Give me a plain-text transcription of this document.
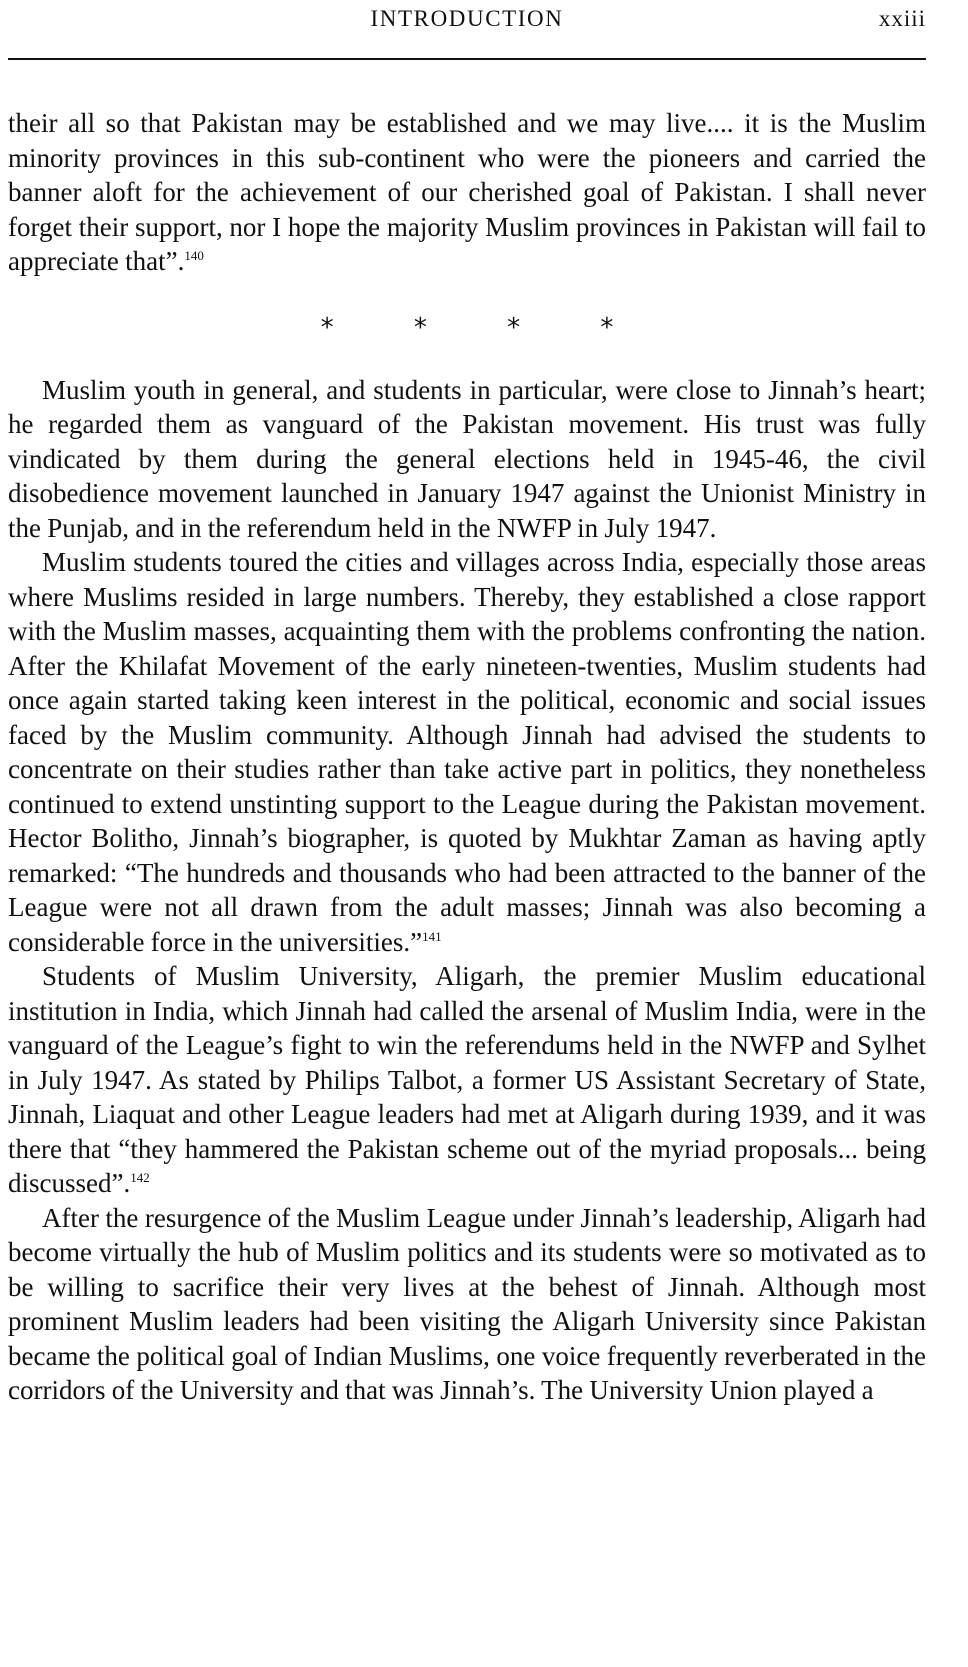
INTRODUCTION	xxiii

their all so that Pakistan may be established and we may live.... it is the Muslim minority provinces in this sub-continent who were the pioneers and carried the banner aloft for the achievement of our cherished goal of Pakistan. I shall never forget their support, nor I hope the majority Muslim provinces in Pakistan will fail to appreciate that”.$^{140}$

* * * *

Muslim youth in general, and students in particular, were close to Jinnah’s heart; he regarded them as vanguard of the Pakistan movement. His trust was fully vindicated by them during the general elections held in 1945-46, the civil disobedience movement launched in January 1947 against the Unionist Ministry in the Punjab, and in the referendum held in the NWFP in July 1947.

Muslim students toured the cities and villages across India, especially those areas where Muslims resided in large numbers. Thereby, they established a close rapport with the Muslim masses, acquainting them with the problems confronting the nation. After the Khilafat Movement of the early nineteen-twenties, Muslim students had once again started taking keen interest in the political, economic and social issues faced by the Muslim community. Although Jinnah had advised the students to concentrate on their studies rather than take active part in politics, they nonetheless continued to extend unstinting support to the League during the Pakistan movement. Hector Bolitho, Jinnah’s biographer, is quoted by Mukhtar Zaman as having aptly remarked: “The hundreds and thousands who had been attracted to the banner of the League were not all drawn from the adult masses; Jinnah was also becoming a considerable force in the universities.”$^{141}$

Students of Muslim University, Aligarh, the premier Muslim educational institution in India, which Jinnah had called the arsenal of Muslim India, were in the vanguard of the League’s fight to win the referendums held in the NWFP and Sylhet in July 1947. As stated by Philips Talbot, a former US Assistant Secretary of State, Jinnah, Liaquat and other League leaders had met at Aligarh during 1939, and it was there that “they hammered the Pakistan scheme out of the myriad proposals... being discussed”.$^{142}$

After the resurgence of the Muslim League under Jinnah’s leadership, Aligarh had become virtually the hub of Muslim politics and its students were so motivated as to be willing to sacrifice their very lives at the behest of Jinnah. Although most prominent Muslim leaders had been visiting the Aligarh University since Pakistan became the political goal of Indian Muslims, one voice frequently reverberated in the corridors of the University and that was Jinnah’s. The University Union played a
